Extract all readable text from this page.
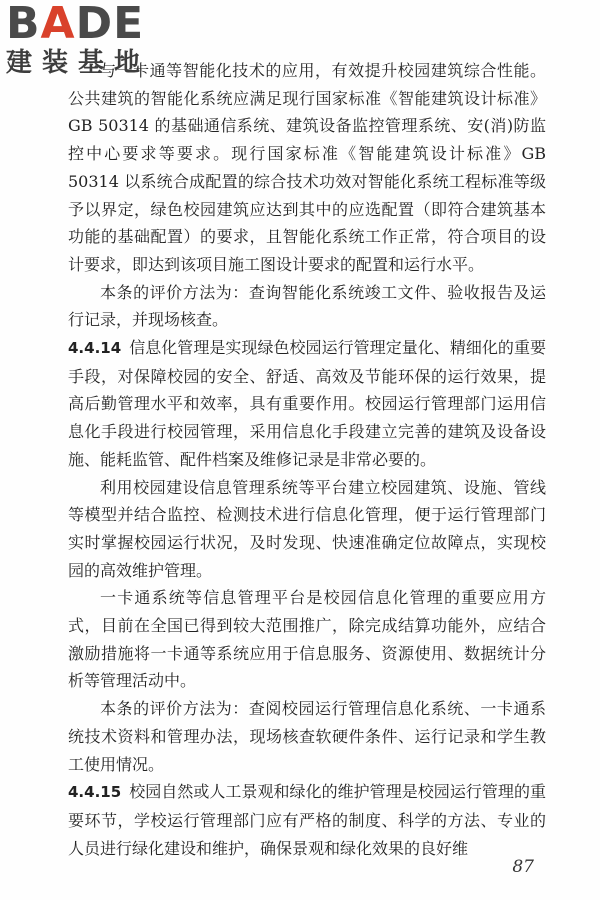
BADE
建装基地

与一卡通等智能化技术的应用，有效提升校园建筑综合性能。公共建筑的智能化系统应满足现行国家标准《智能建筑设计标准》GB 50314 的基础通信系统、建筑设备监控管理系统、安(消)防监控中心要求等要求。现行国家标准《智能建筑设计标准》GB 50314 以系统合成配置的综合技术功效对智能化系统工程标准等级予以界定，绿色校园建筑应达到其中的应选配置（即符合建筑基本功能的基础配置）的要求，且智能化系统工作正常，符合项目的设计要求，即达到该项目施工图设计要求的配置和运行水平。

本条的评价方法为：查询智能化系统竣工文件、验收报告及运行记录，并现场核查。

4.4.14 信息化管理是实现绿色校园运行管理定量化、精细化的重要手段，对保障校园的安全、舒适、高效及节能环保的运行效果，提高后勤管理水平和效率，具有重要作用。校园运行管理部门运用信息化手段进行校园管理，采用信息化手段建立完善的建筑及设备设施、能耗监管、配件档案及维修记录是非常必要的。

利用校园建设信息管理系统等平台建立校园建筑、设施、管线等模型并结合监控、检测技术进行信息化管理，便于运行管理部门实时掌握校园运行状况，及时发现、快速准确定位故障点，实现校园的高效维护管理。

一卡通系统等信息管理平台是校园信息化管理的重要应用方式，目前在全国已得到较大范围推广，除完成结算功能外，应结合激励措施将一卡通等系统应用于信息服务、资源使用、数据统计分析等管理活动中。

本条的评价方法为：查阅校园运行管理信息化系统、一卡通系统技术资料和管理办法，现场核查软硬件条件、运行记录和学生教工使用情况。

4.4.15 校园自然或人工景观和绿化的维护管理是校园运行管理的重要环节，学校运行管理部门应有严格的制度、科学的方法、专业的人员进行绿化建设和维护，确保景观和绿化效果的良好维

87
